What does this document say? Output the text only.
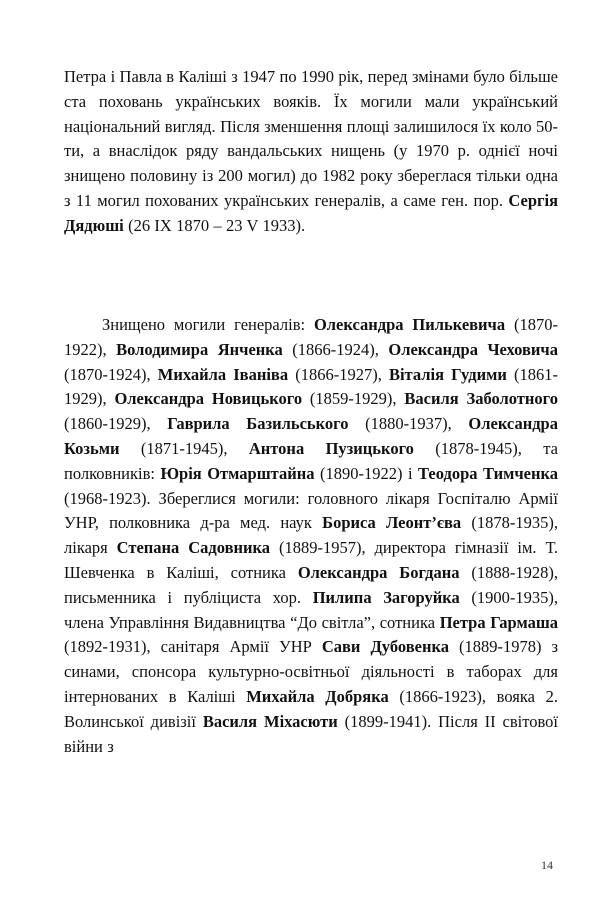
Петра і Павла в Каліші з 1947 по 1990 рік, перед змінами було більше ста поховань українських вояків. Їх могили мали український національний вигляд. Після зменшення площі залишилося їх коло 50-ти, а внаслідок ряду вандальських нищень (у 1970 р. однієї ночі знищено половину із 200 могил) до 1982 року збереглася тільки одна з 11 могил похованих українських генералів, а саме ген. пор. Сергія Дядюші (26 IX 1870 – 23 V 1933).

Знищено могили генералів: Олександра Пилькевича (1870-1922), Володимира Янченка (1866-1924), Олександра Чеховича (1870-1924), Михайла Іваніва (1866-1927), Віталія Гудими (1861-1929), Олександра Новицького (1859-1929), Василя Заболотного (1860-1929), Гаврила Базильського (1880-1937), Олександра Козьми (1871-1945), Антона Пузицького (1878-1945), та полковників: Юрія Отмарштайна (1890-1922) і Теодора Тимченка (1968-1923). Збереглися могили: головного лікаря Госпіталю Армії УНР, полковника д-ра мед. наук Бориса Леонт’єва (1878-1935), лікаря Степана Садовника (1889-1957), директора гімназії ім. Т. Шевченка в Каліші, сотника Олександра Богдана (1888-1928), письменника і публіциста хор. Пилипа Загоруйка (1900-1935), члена Управління Видавництва “До світла”, сотника Петра Гармаша (1892-1931), санітаря Армії УНР Сави Дубовенка (1889-1978) з синами, спонсора культурно-освітньої діяльності в таборах для інтернованих в Каліші Михайла Добряка (1866-1923), вояка 2. Волинської дивізії Василя Міхасюти (1899-1941). Після II світової війни з

14
